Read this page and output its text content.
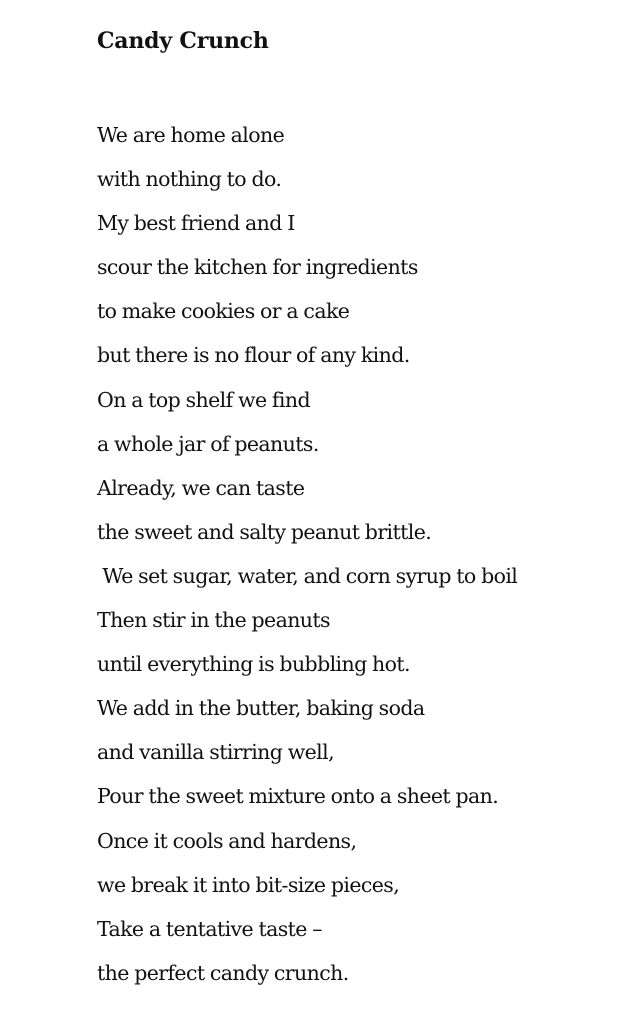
Candy Crunch
We are home alone
with nothing to do.
My best friend and I
scour the kitchen for ingredients
to make cookies or a cake
but there is no flour of any kind.
On a top shelf we find
a whole jar of peanuts.
Already, we can taste
the sweet and salty peanut brittle.
We set sugar, water, and corn syrup to boil
Then stir in the peanuts
until everything is bubbling hot.
We add in the butter, baking soda
and vanilla stirring well,
Pour the sweet mixture onto a sheet pan.
Once it cools and hardens,
we break it into bit-size pieces,
Take a tentative taste –
the perfect candy crunch.
